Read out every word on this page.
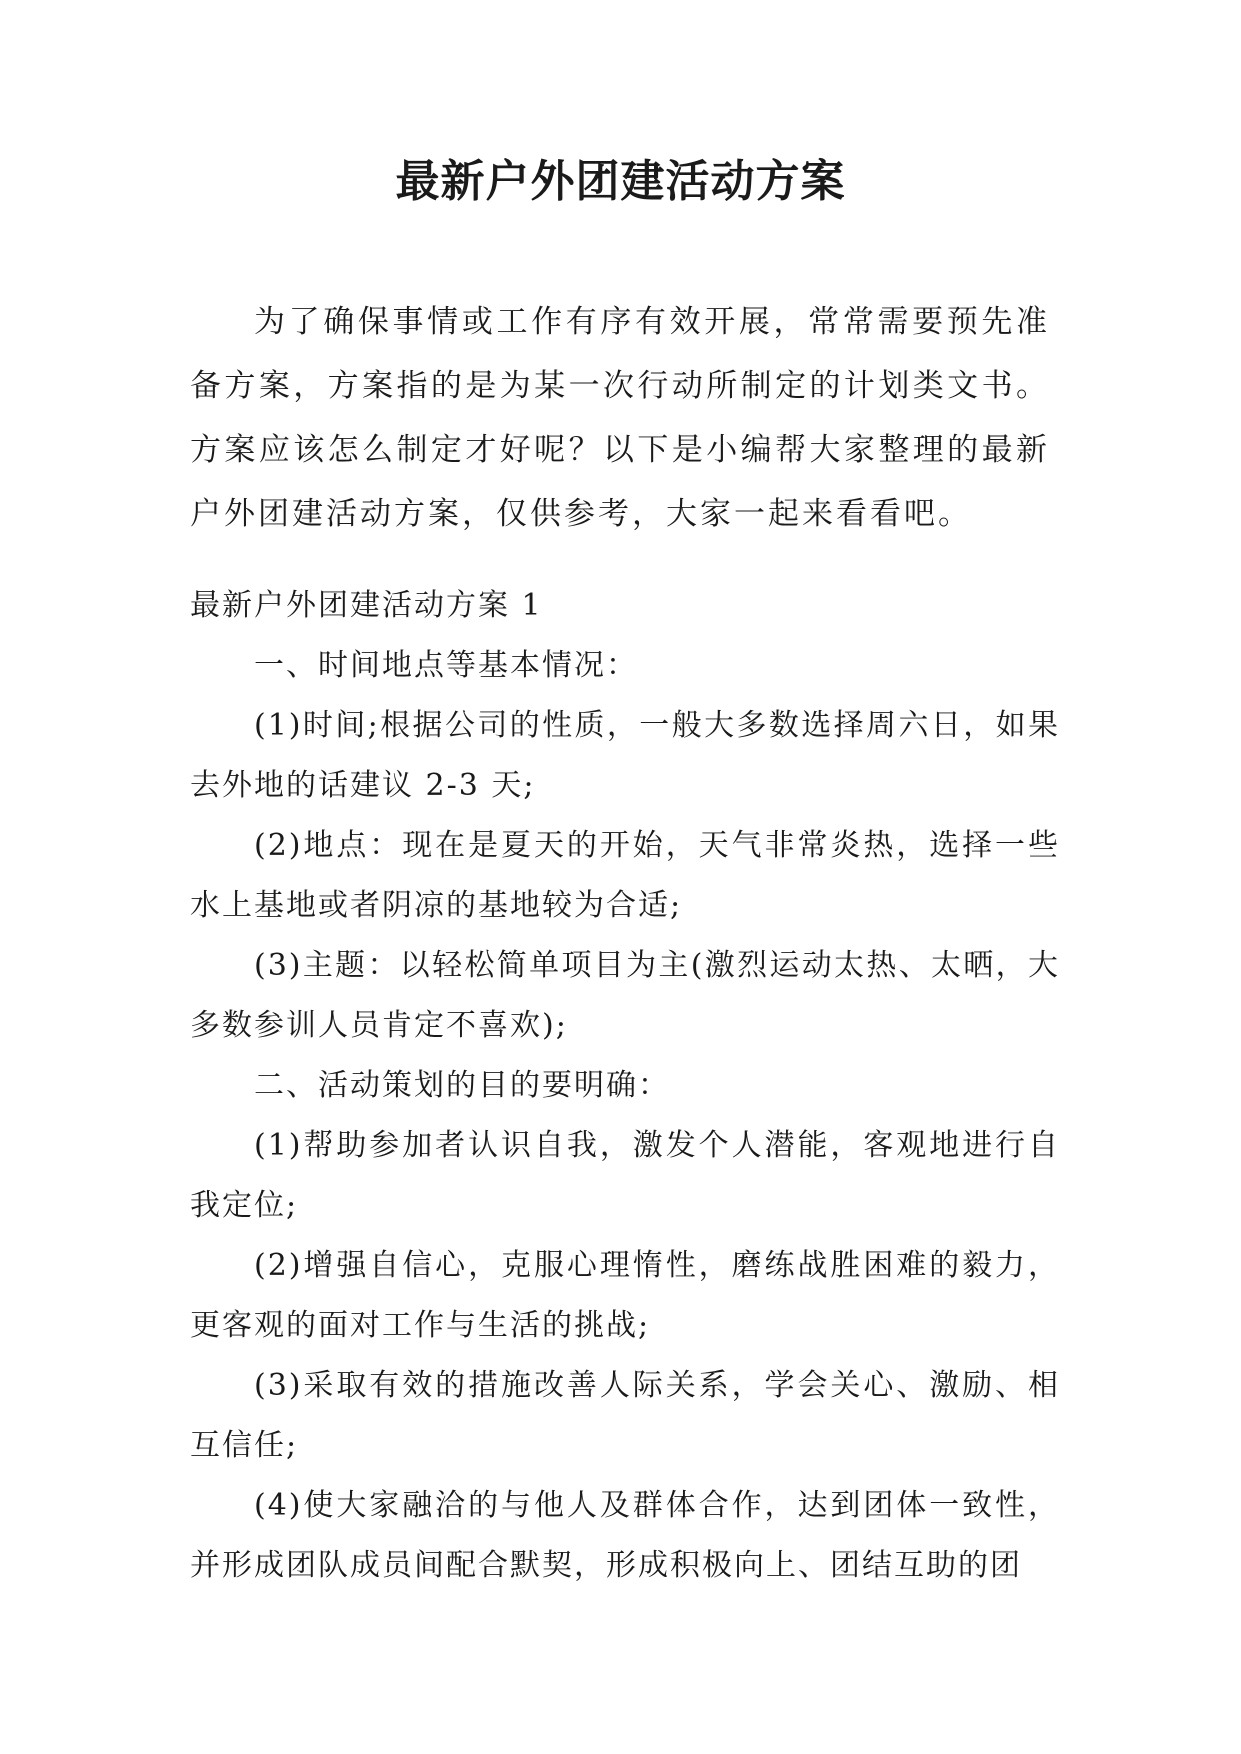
最新户外团建活动方案

为了确保事情或工作有序有效开展，常常需要预先准备方案，方案指的是为某一次行动所制定的计划类文书。方案应该怎么制定才好呢？以下是小编帮大家整理的最新户外团建活动方案，仅供参考，大家一起来看看吧。

最新户外团建活动方案 1

一、时间地点等基本情况：

(1)时间;根据公司的性质，一般大多数选择周六日，如果去外地的话建议 2-3 天;

(2)地点：现在是夏天的开始，天气非常炎热，选择一些水上基地或者阴凉的基地较为合适;

(3)主题：以轻松简单项目为主(激烈运动太热、太晒，大多数参训人员肯定不喜欢);

二、活动策划的目的要明确：

(1)帮助参加者认识自我，激发个人潜能，客观地进行自我定位;

(2)增强自信心，克服心理惰性，磨练战胜困难的毅力，更客观的面对工作与生活的挑战;

(3)采取有效的措施改善人际关系，学会关心、激励、相互信任;

(4)使大家融洽的与他人及群体合作，达到团体一致性，并形成团队成员间配合默契，形成积极向上、团结互助的团
